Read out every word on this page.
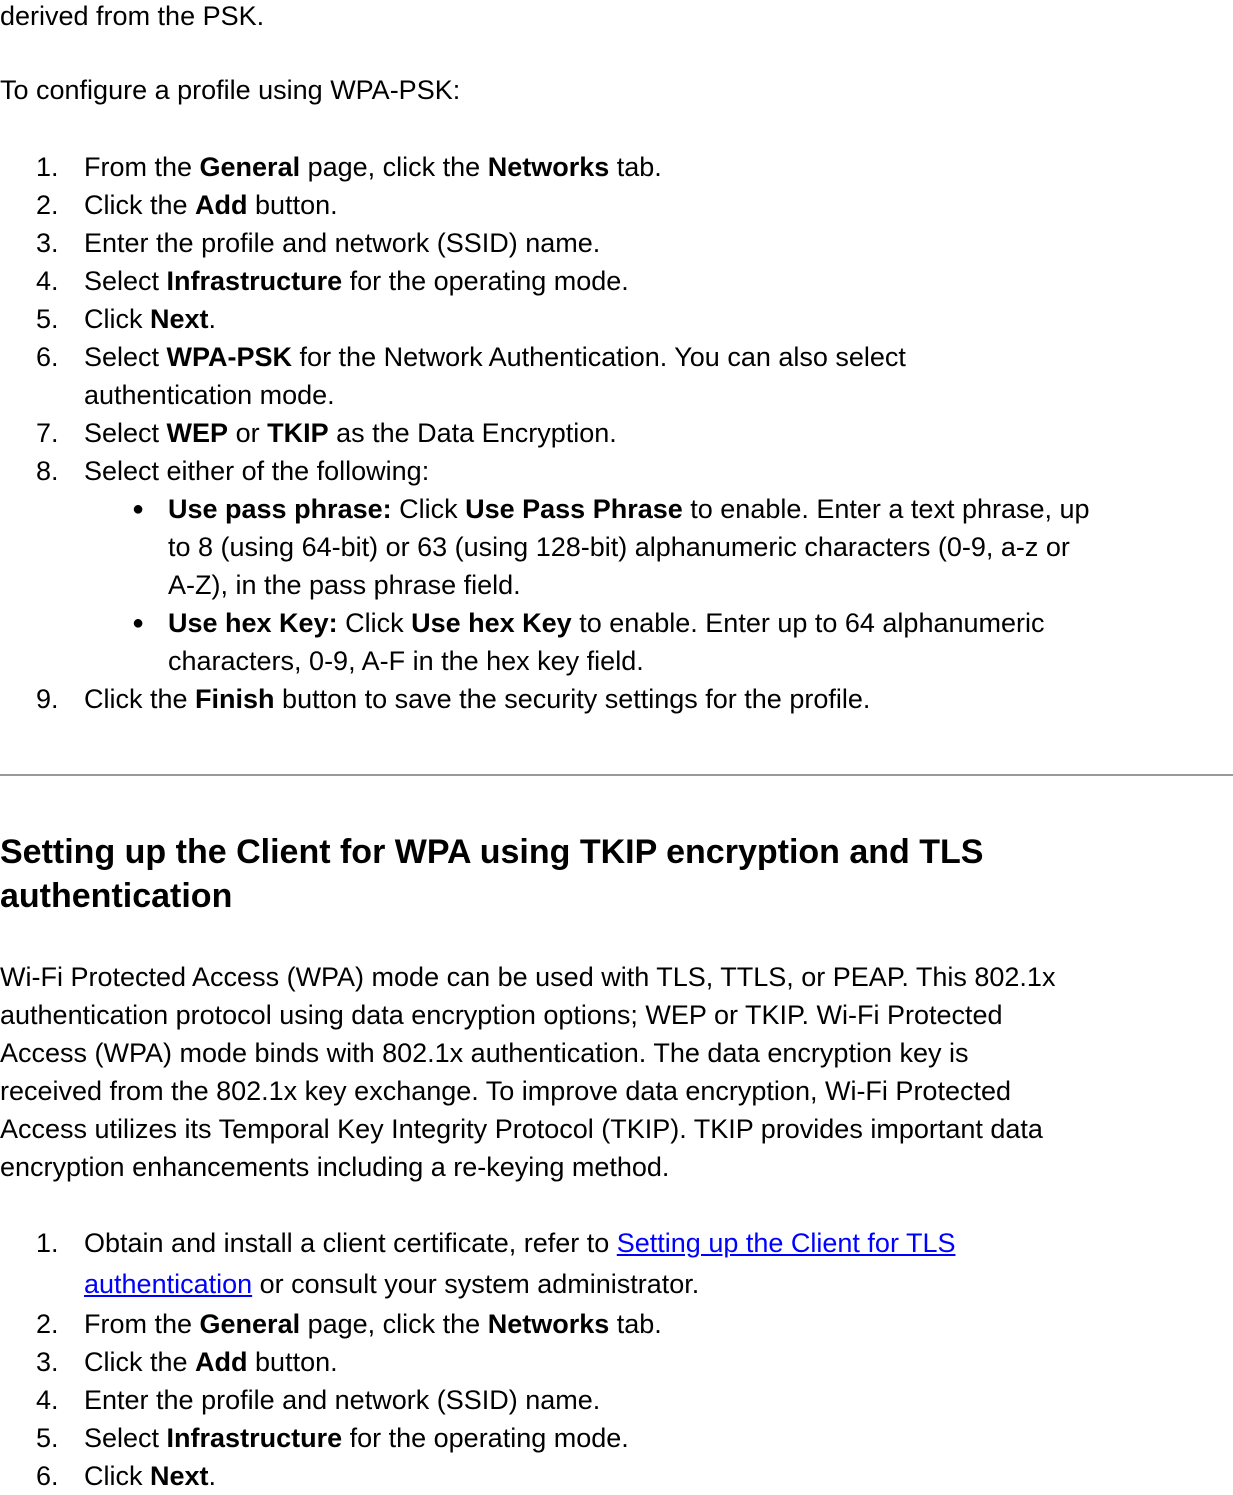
derived from the PSK.

To configure a profile using WPA-PSK:

1. From the General page, click the Networks tab.
2. Click the Add button.
3. Enter the profile and network (SSID) name.
4. Select Infrastructure for the operating mode.
5. Click Next.
6. Select WPA-PSK for the Network Authentication. You can also select
authentication mode.
7. Select WEP or TKIP as the Data Encryption.
8. Select either of the following:
● Use pass phrase: Click Use Pass Phrase to enable. Enter a text phrase, up
to 8 (using 64-bit) or 63 (using 128-bit) alphanumeric characters (0-9, a-z or
A-Z), in the pass phrase field.
● Use hex Key: Click Use hex Key to enable. Enter up to 64 alphanumeric
characters, 0-9, A-F in the hex key field.
9. Click the Finish button to save the security settings for the profile.
Setting up the Client for WPA using TKIP encryption and TLS
authentication

Wi-Fi Protected Access (WPA) mode can be used with TLS, TTLS, or PEAP. This 802.1x
authentication protocol using data encryption options; WEP or TKIP. Wi-Fi Protected
Access (WPA) mode binds with 802.1x authentication. The data encryption key is
received from the 802.1x key exchange. To improve data encryption, Wi-Fi Protected
Access utilizes its Temporal Key Integrity Protocol (TKIP). TKIP provides important data
encryption enhancements including a re-keying method.

1. Obtain and install a client certificate, refer to Setting up the Client for TLS
authentication or consult your system administrator.
2. From the General page, click the Networks tab.
3. Click the Add button.
4. Enter the profile and network (SSID) name.
5. Select Infrastructure for the operating mode.
6. Click Next.
